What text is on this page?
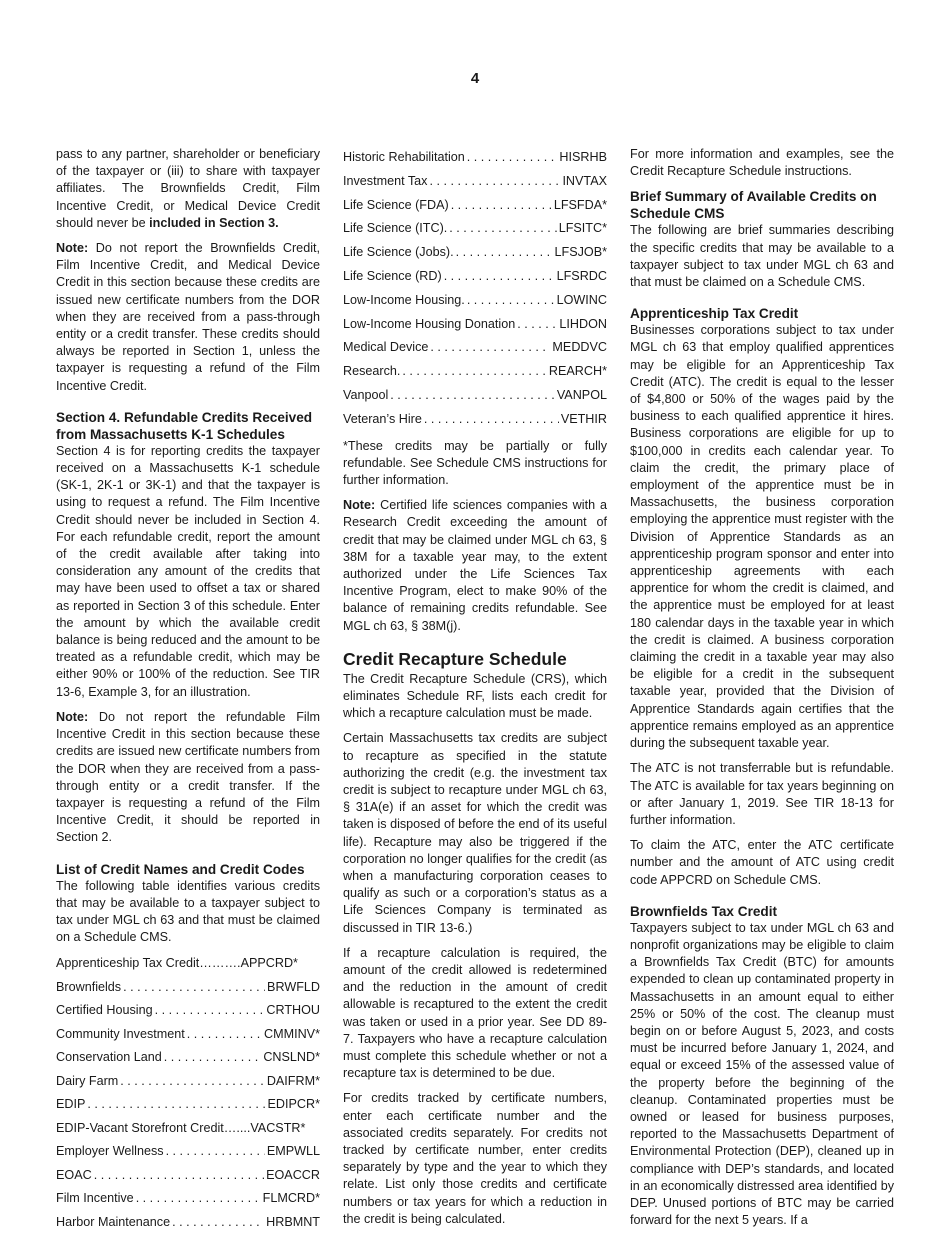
4

pass to any partner, shareholder or beneficiary of the taxpayer or (iii) to share with taxpayer affiliates. The Brownfields Credit, Film Incentive Credit, or Medical Device Credit should never be included in Section 3.

Note: Do not report the Brownfields Credit, Film Incentive Credit, and Medical Device Credit in this section because these credits are issued new certificate numbers from the DOR when they are received from a pass-through entity or a credit transfer. These credits should always be reported in Section 1, unless the taxpayer is requesting a refund of the Film Incentive Credit.

Section 4. Refundable Credits Received from Massachusetts K-1 Schedules

Section 4 is for reporting credits the taxpayer received on a Massachusetts K-1 schedule (SK-1, 2K-1 or 3K-1) and that the taxpayer is using to request a refund. The Film Incentive Credit should never be included in Section 4. For each refundable credit, report the amount of the credit available after taking into consideration any amount of the credits that may have been used to offset a tax or shared as reported in Section 3 of this schedule. Enter the amount by which the available credit balance is being reduced and the amount to be treated as a refundable credit, which may be either 90% or 100% of the reduction. See TIR 13-6, Example 3, for an illustration.

Note: Do not report the refundable Film Incentive Credit in this section because these credits are issued new certificate numbers from the DOR when they are received from a pass-through entity or a credit transfer. If the taxpayer is requesting a refund of the Film Incentive Credit, it should be reported in Section 2.

List of Credit Names and Credit Codes

The following table identifies various credits that may be available to a taxpayer subject to tax under MGL ch 63 and that must be claimed on a Schedule CMS.

Apprenticeship Tax Credit………. APPCRD*
Brownfields . . .	BRWFLD
Certified Housing . . .	CRTHOU
Community Investment . . .	CMMINV*
Conservation Land . . .	CNSLND*
Dairy Farm . . .	DAIFRM*
EDIP . . .	EDIPCR*
EDIP-Vacant Storefront Credit….... VACSTR*
Employer Wellness . . .	EMPWLL
EOAC . . .	EOACCR
Film Incentive . . .	FLMCRD*
Harbor Maintenance . . .	HRBMNT
Historic Rehabilitation . . .	HISRHB
Investment Tax . . .	INVTAX
Life Science (FDA) . . .	LFSFDA*
Life Science (ITC). . . .	LFSITC*
Life Science (Jobs). . . .	LFSJOB*
Life Science (RD) . . .	LFSRDC
Low-Income Housing. . . .	LOWINC
Low-Income Housing Donation . . .	LIHDON
Medical Device . . .	MEDDVC
Research. . . .	REARCH*
Vanpool . . .	VANPOL
Veteran’s Hire . . .	VETHIR

*These credits may be partially or fully refundable. See Schedule CMS instructions for further information.

Note: Certified life sciences companies with a Research Credit exceeding the amount of credit that may be claimed under MGL ch 63, § 38M for a taxable year may, to the extent authorized under the Life Sciences Tax Incentive Program, elect to make 90% of the balance of remaining credits refundable. See MGL ch 63, § 38M(j).

Credit Recapture Schedule

The Credit Recapture Schedule (CRS), which eliminates Schedule RF, lists each credit for which a recapture calculation must be made.

Certain Massachusetts tax credits are subject to recapture as specified in the statute authorizing the credit (e.g. the investment tax credit is subject to recapture under MGL ch 63, § 31A(e) if an asset for which the credit was taken is disposed of before the end of its useful life). Recapture may also be triggered if the corporation no longer qualifies for the credit (as when a manufacturing corporation ceases to qualify as such or a corporation’s status as a Life Sciences Company is terminated as discussed in TIR 13-6.)

If a recapture calculation is required, the amount of the credit allowed is redetermined and the reduction in the amount of credit allowable is recaptured to the extent the credit was taken or used in a prior year. See DD 89-7. Taxpayers who have a recapture calculation must complete this schedule whether or not a recapture tax is determined to be due.

For credits tracked by certificate numbers, enter each certificate number and the associated credits separately. For credits not tracked by certificate number, enter credits separately by type and the year to which they relate. List only those credits and certificate numbers or tax years for which a reduction in the credit is being calculated.

For more information and examples, see the Credit Recapture Schedule instructions.

Brief Summary of Available Credits on Schedule CMS

The following are brief summaries describing the specific credits that may be available to a taxpayer subject to tax under MGL ch 63 and that must be claimed on a Schedule CMS.

Apprenticeship Tax Credit

Businesses corporations subject to tax under MGL ch 63 that employ qualified apprentices may be eligible for an Apprenticeship Tax Credit (ATC). The credit is equal to the lesser of $4,800 or 50% of the wages paid by the business to each qualified apprentice it hires. Business corporations are eligible for up to $100,000 in credits each calendar year. To claim the credit, the primary place of employment of the apprentice must be in Massachusetts, the business corporation employing the apprentice must register with the Division of Apprentice Standards as an apprenticeship program sponsor and enter into apprenticeship agreements with each apprentice for whom the credit is claimed, and the apprentice must be employed for at least 180 calendar days in the taxable year in which the credit is claimed. A business corporation claiming the credit in a taxable year may also be eligible for a credit in the subsequent taxable year, provided that the Division of Apprentice Standards again certifies that the apprentice remains employed as an apprentice during the subsequent taxable year.

The ATC is not transferrable but is refundable. The ATC is available for tax years beginning on or after January 1, 2019. See TIR 18-13 for further information.

To claim the ATC, enter the ATC certificate number and the amount of ATC using credit code APPCRD on Schedule CMS.

Brownfields Tax Credit

Taxpayers subject to tax under MGL ch 63 and nonprofit organizations may be eligible to claim a Brownfields Tax Credit (BTC) for amounts expended to clean up contaminated property in Massachusetts in an amount equal to either 25% or 50% of the cost. The cleanup must begin on or before August 5, 2023, and costs must be incurred before January 1, 2024, and equal or exceed 15% of the assessed value of the property before the beginning of the cleanup. Contaminated properties must be owned or leased for business purposes, reported to the Massachusetts Department of Environmental Protection (DEP), cleaned up in compliance with DEP’s standards, and located in an economically distressed area identified by DEP. Unused portions of BTC may be carried forward for the next 5 years. If a
